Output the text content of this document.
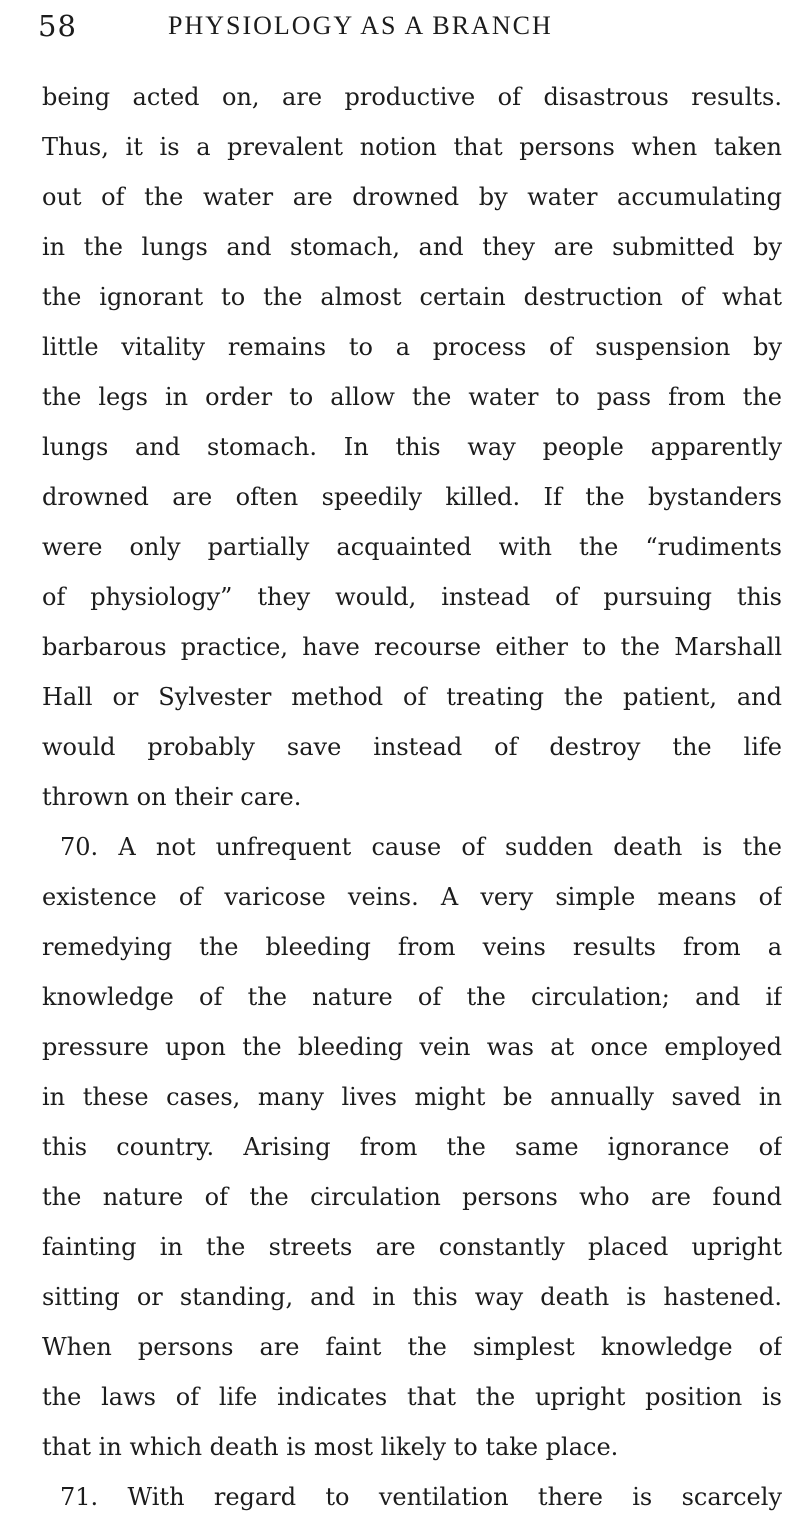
58	PHYSIOLOGY AS A BRANCH
being acted on, are productive of disastrous results.
Thus, it is a prevalent notion that persons when taken
out of the water are drowned by water accumulating
in the lungs and stomach, and they are submitted by
the ignorant to the almost certain destruction of what
little vitality remains to a process of suspension by
the legs in order to allow the water to pass from the
lungs and stomach. In this way people apparently
drowned are often speedily killed. If the bystanders
were only partially acquainted with the “rudiments
of physiology” they would, instead of pursuing this
barbarous practice, have recourse either to the Marshall
Hall or Sylvester method of treating the patient, and
would probably save instead of destroy the life
thrown on their care.
70. A not unfrequent cause of sudden death is the
existence of varicose veins. A very simple means of
remedying the bleeding from veins results from a
knowledge of the nature of the circulation; and if
pressure upon the bleeding vein was at once employed
in these cases, many lives might be annually saved in
this country. Arising from the same ignorance of
the nature of the circulation persons who are found
fainting in the streets are constantly placed upright
sitting or standing, and in this way death is hastened.
When persons are faint the simplest knowledge of
the laws of life indicates that the upright position is
that in which death is most likely to take place.
71. With regard to ventilation there is scarcely
